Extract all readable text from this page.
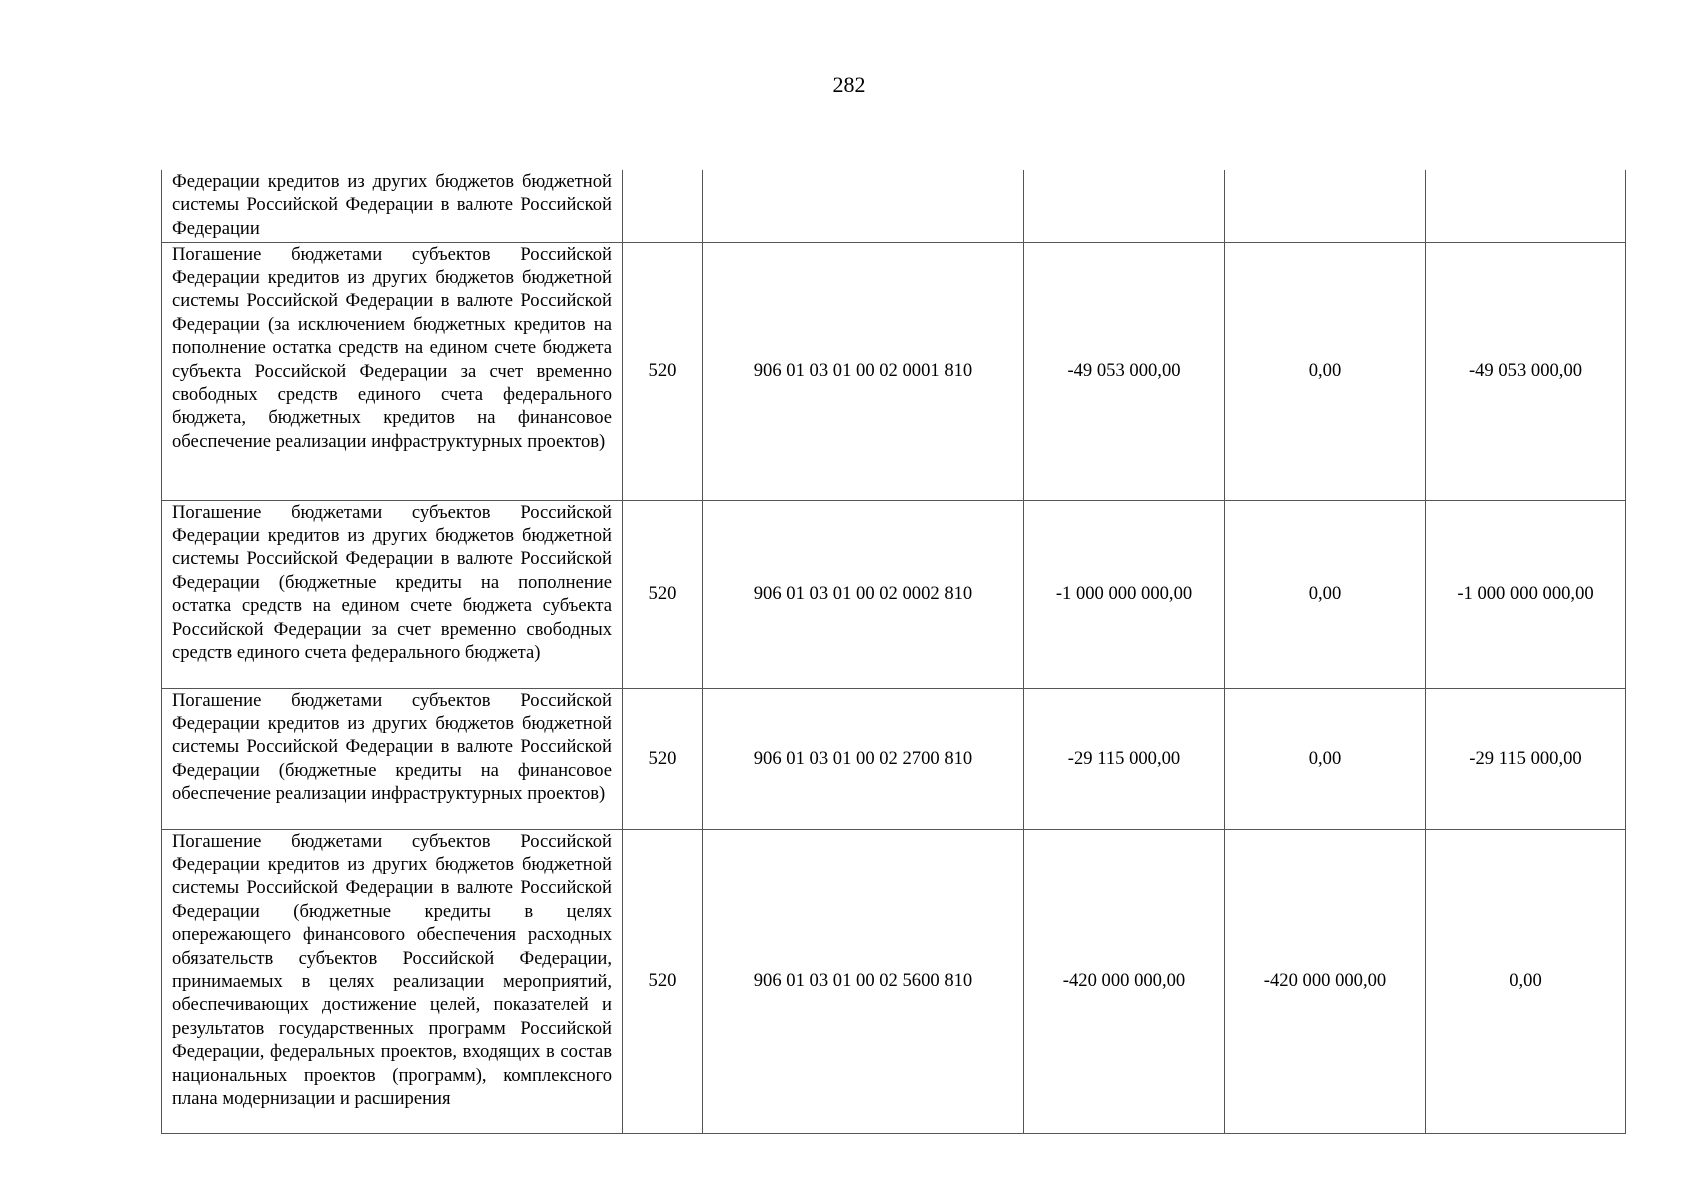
282
Федерации кредитов из других бюджетов бюджетной системы Российской Федерации в валюте Российской Федерации					
Погашение бюджетами субъектов Российской Федерации кредитов из других бюджетов бюджетной системы Российской Федерации в валюте Российской Федерации (за исключением бюджетных кредитов на пополнение остатка средств на едином счете бюджета субъекта Российской Федерации за счет временно свободных средств единого счета федерального бюджета, бюджетных кредитов на финансовое обеспечение реализации инфраструктурных проектов)	520	906 01 03 01 00 02 0001 810	-49 053 000,00	0,00	-49 053 000,00
Погашение бюджетами субъектов Российской Федерации кредитов из других бюджетов бюджетной системы Российской Федерации в валюте Российской Федерации (бюджетные кредиты на пополнение остатка средств на едином счете бюджета субъекта Российской Федерации за счет временно свободных средств единого счета федерального бюджета)	520	906 01 03 01 00 02 0002 810	-1 000 000 000,00	0,00	-1 000 000 000,00
Погашение бюджетами субъектов Российской Федерации кредитов из других бюджетов бюджетной системы Российской Федерации в валюте Российской Федерации (бюджетные кредиты на финансовое обеспечение реализации инфраструктурных проектов)	520	906 01 03 01 00 02 2700 810	-29 115 000,00	0,00	-29 115 000,00
Погашение бюджетами субъектов Российской Федерации кредитов из других бюджетов бюджетной системы Российской Федерации в валюте Российской Федерации (бюджетные кредиты в целях опережающего финансового обеспечения расходных обязательств субъектов Российской Федерации, принимаемых в целях реализации мероприятий, обеспечивающих достижение целей, показателей и результатов государственных программ Российской Федерации, федеральных проектов, входящих в состав национальных проектов (программ), комплексного плана модернизации и расширения	520	906 01 03 01 00 02 5600 810	-420 000 000,00	-420 000 000,00	0,00
